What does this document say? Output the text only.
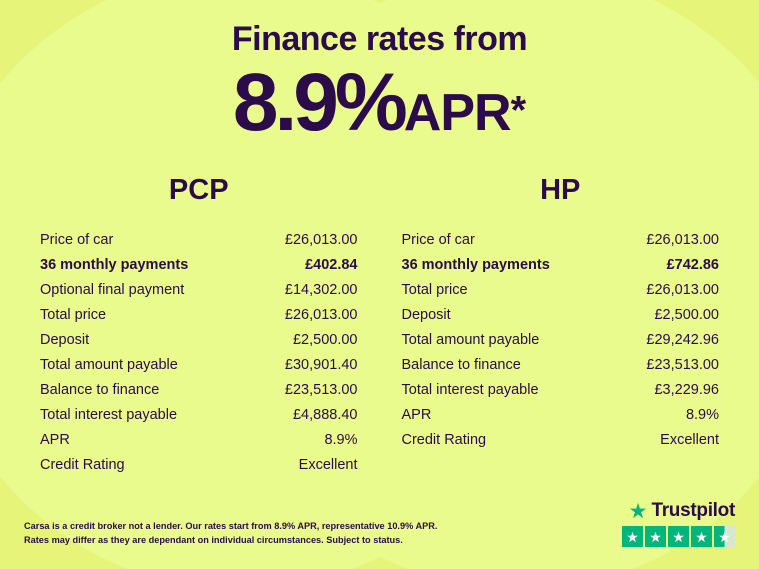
Finance rates from
8.9%APR*
PCP
Price of car	£26,013.00
36 monthly payments	£402.84
Optional final payment	£14,302.00
Total price	£26,013.00
Deposit	£2,500.00
Total amount payable	£30,901.40
Balance to finance	£23,513.00
Total interest payable	£4,888.40
APR	8.9%
Credit Rating	Excellent
HP
Price of car	£26,013.00
36 monthly payments	£742.86
Total price	£26,013.00
Deposit	£2,500.00
Total amount payable	£29,242.96
Balance to finance	£23,513.00
Total interest payable	£3,229.96
APR	8.9%
Credit Rating	Excellent
Carsa is a credit broker not a lender. Our rates start from 8.9% APR, representative 10.9% APR.
Rates may differ as they are dependant on individual circumstances. Subject to status.
★ Trustpilot
★ ★ ★ ★ ★
